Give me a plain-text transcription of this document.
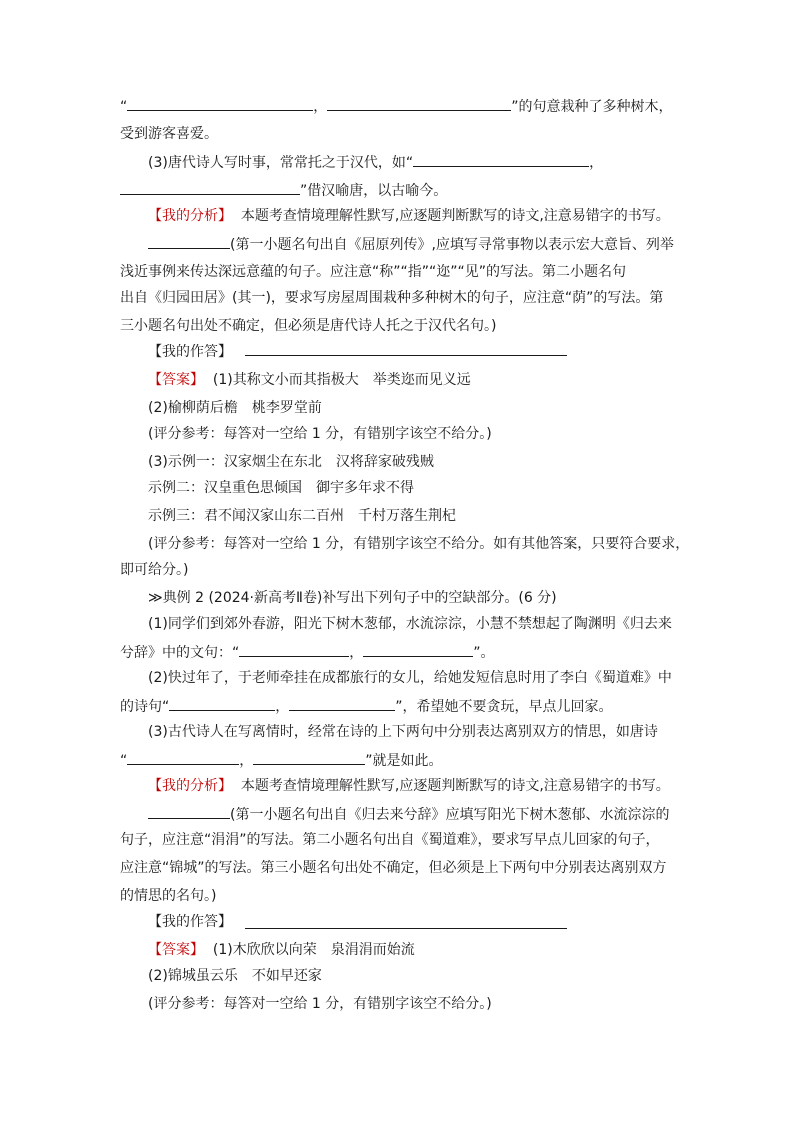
“	，	”的句意栽种了多种树木，
受到游客喜爱。
(3)唐代诗人写时事，常常托之于汉代，如“	，
”借汉喻唐，以古喻今。
【我的分析】 本题考查情境理解性默写,应逐题判断默写的诗文,注意易错字的书写。
(第一小题名句出自《屈原列传》,应填写寻常事物以表示宏大意旨、列举
浅近事例来传达深远意蕴的句子。应注意“称”“指”“迩”“见”的写法。第二小题名句
出自《归园田居》(其一)，要求写房屋周围栽种多种树木的句子，应注意“荫”的写法。第
三小题名句出处不确定，但必须是唐代诗人托之于汉代名句。)
【我的作答】
【答案】 (1)其称文小而其指极大　举类迩而见义远
(2)榆柳荫后檐　桃李罗堂前
(评分参考：每答对一空给 1 分，有错别字该空不给分。)
(3)示例一：汉家烟尘在东北　汉将辞家破残贼
示例二：汉皇重色思倾国　御宇多年求不得
示例三：君不闻汉家山东二百州　千村万落生荆杞
(评分参考：每答对一空给 1 分，有错别字该空不给分。如有其他答案，只要符合要求，
即可给分。)
≫典例 2 (2024·新高考Ⅱ卷)补写出下列句子中的空缺部分。(6 分)
(1)同学们到郊外春游，阳光下树木葱郁，水流淙淙，小慧不禁想起了陶渊明《归去来
兮辞》中的文句：“	，	”。
(2)快过年了，于老师牵挂在成都旅行的女儿，给她发短信息时用了李白《蜀道难》中
的诗句“	，	”，希望她不要贪玩，早点儿回家。
(3)古代诗人在写离情时，经常在诗的上下两句中分别表达离别双方的情思，如唐诗
“	，	”就是如此。
【我的分析】 本题考查情境理解性默写,应逐题判断默写的诗文,注意易错字的书写。
(第一小题名句出自《归去来兮辞》应填写阳光下树木葱郁、水流淙淙的
句子，应注意“涓涓”的写法。第二小题名句出自《蜀道难》，要求写早点儿回家的句子，
应注意“锦城”的写法。第三小题名句出处不确定，但必须是上下两句中分别表达离别双方
的情思的名句。)
【我的作答】
【答案】 (1)木欣欣以向荣　泉涓涓而始流
(2)锦城虽云乐　不如早还家
(评分参考：每答对一空给 1 分，有错别字该空不给分。)
